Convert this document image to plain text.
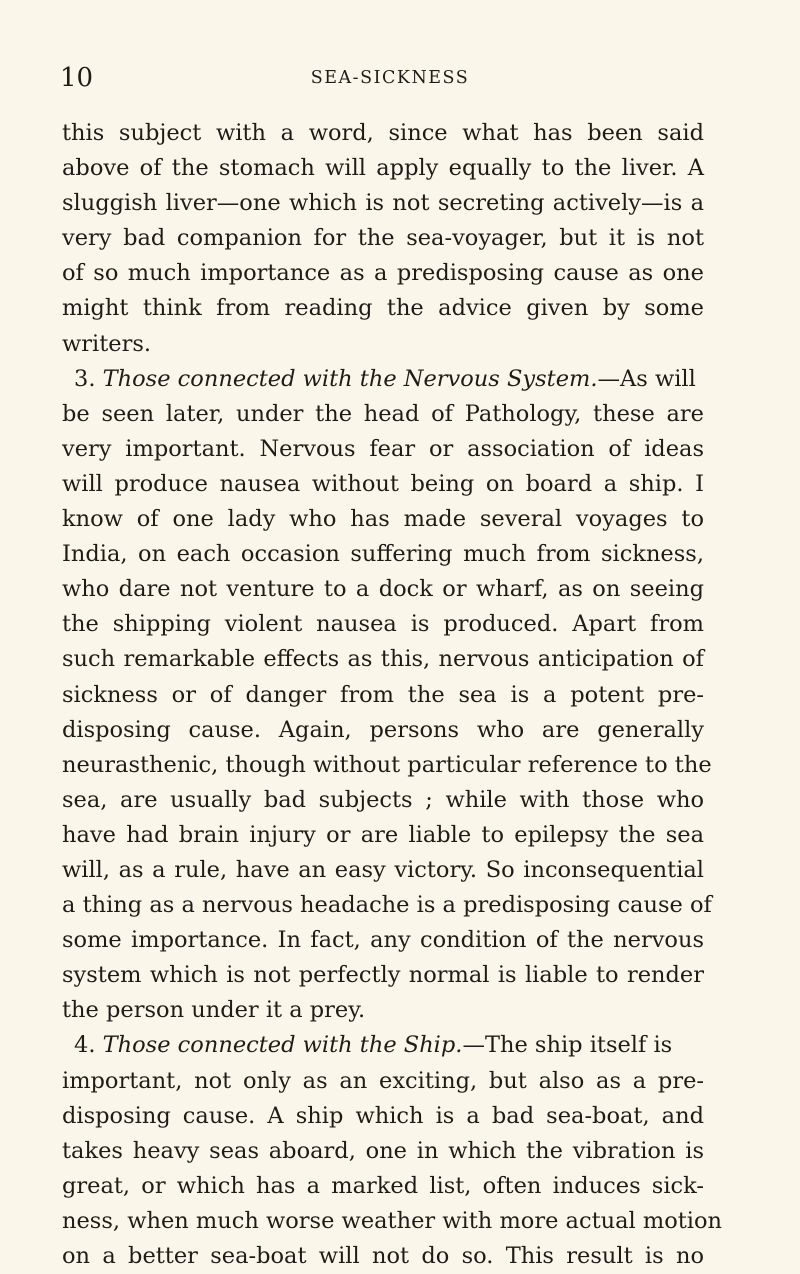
10	SEA-SICKNESS
this subject with a word, since what has been said
above of the stomach will apply equally to the liver. A
sluggish liver—one which is not secreting actively—is a
very bad companion for the sea-voyager, but it is not
of so much importance as a predisposing cause as one
might think from reading the advice given by some
writers.
3. Those connected with the Nervous System.—As will
be seen later, under the head of Pathology, these are
very important. Nervous fear or association of ideas
will produce nausea without being on board a ship. I
know of one lady who has made several voyages to
India, on each occasion suffering much from sickness,
who dare not venture to a dock or wharf, as on seeing
the shipping violent nausea is produced. Apart from
such remarkable effects as this, nervous anticipation of
sickness or of danger from the sea is a potent pre-
disposing cause. Again, persons who are generally
neurasthenic, though without particular reference to the
sea, are usually bad subjects ; while with those who
have had brain injury or are liable to epilepsy the sea
will, as a rule, have an easy victory. So inconsequential
a thing as a nervous headache is a predisposing cause of
some importance. In fact, any condition of the nervous
system which is not perfectly normal is liable to render
the person under it a prey.
4. Those connected with the Ship.—The ship itself is
important, not only as an exciting, but also as a pre-
disposing cause. A ship which is a bad sea-boat, and
takes heavy seas aboard, one in which the vibration is
great, or which has a marked list, often induces sick-
ness, when much worse weather with more actual motion
on a better sea-boat will not do so. This result is no
